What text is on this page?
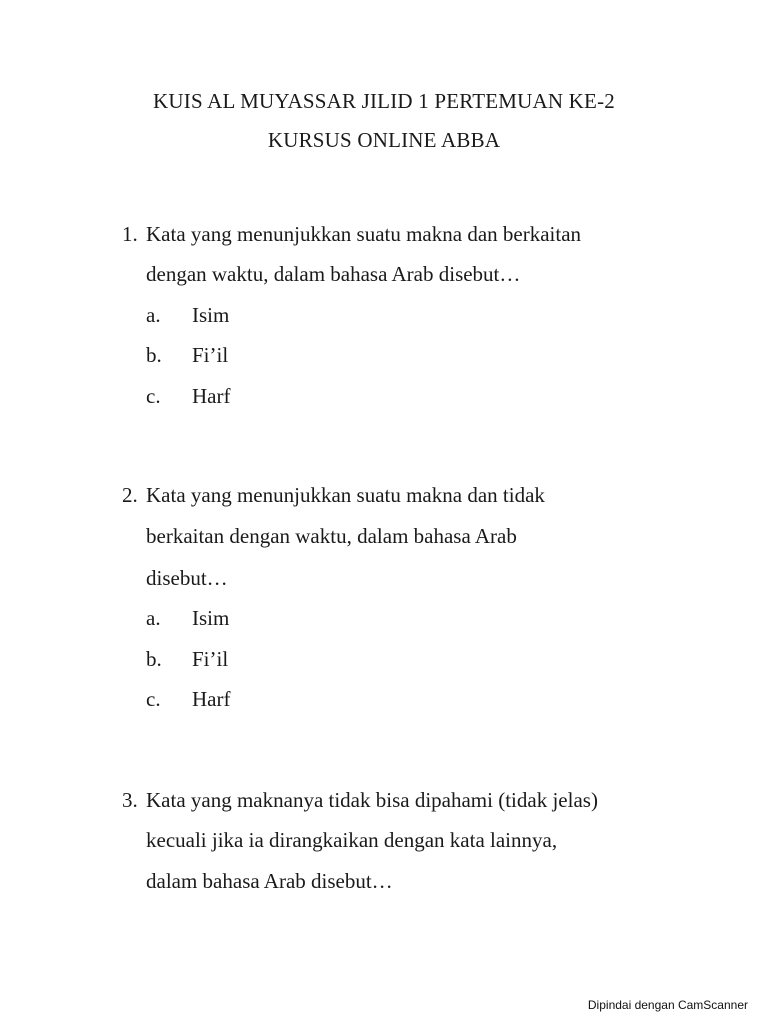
KUIS AL MUYASSAR JILID 1 PERTEMUAN KE-2
KURSUS ONLINE ABBA
1. Kata yang menunjukkan suatu makna dan berkaitan
dengan waktu, dalam bahasa Arab disebut…
a. Isim
b. Fi’il
c. Harf
2. Kata yang menunjukkan suatu makna dan tidak
berkaitan dengan waktu, dalam bahasa Arab
disebut…
a. Isim
b. Fi’il
c. Harf
3. Kata yang maknanya tidak bisa dipahami (tidak jelas)
kecuali jika ia dirangkaikan dengan kata lainnya,
dalam bahasa Arab disebut…
Dipindai dengan CamScanner
